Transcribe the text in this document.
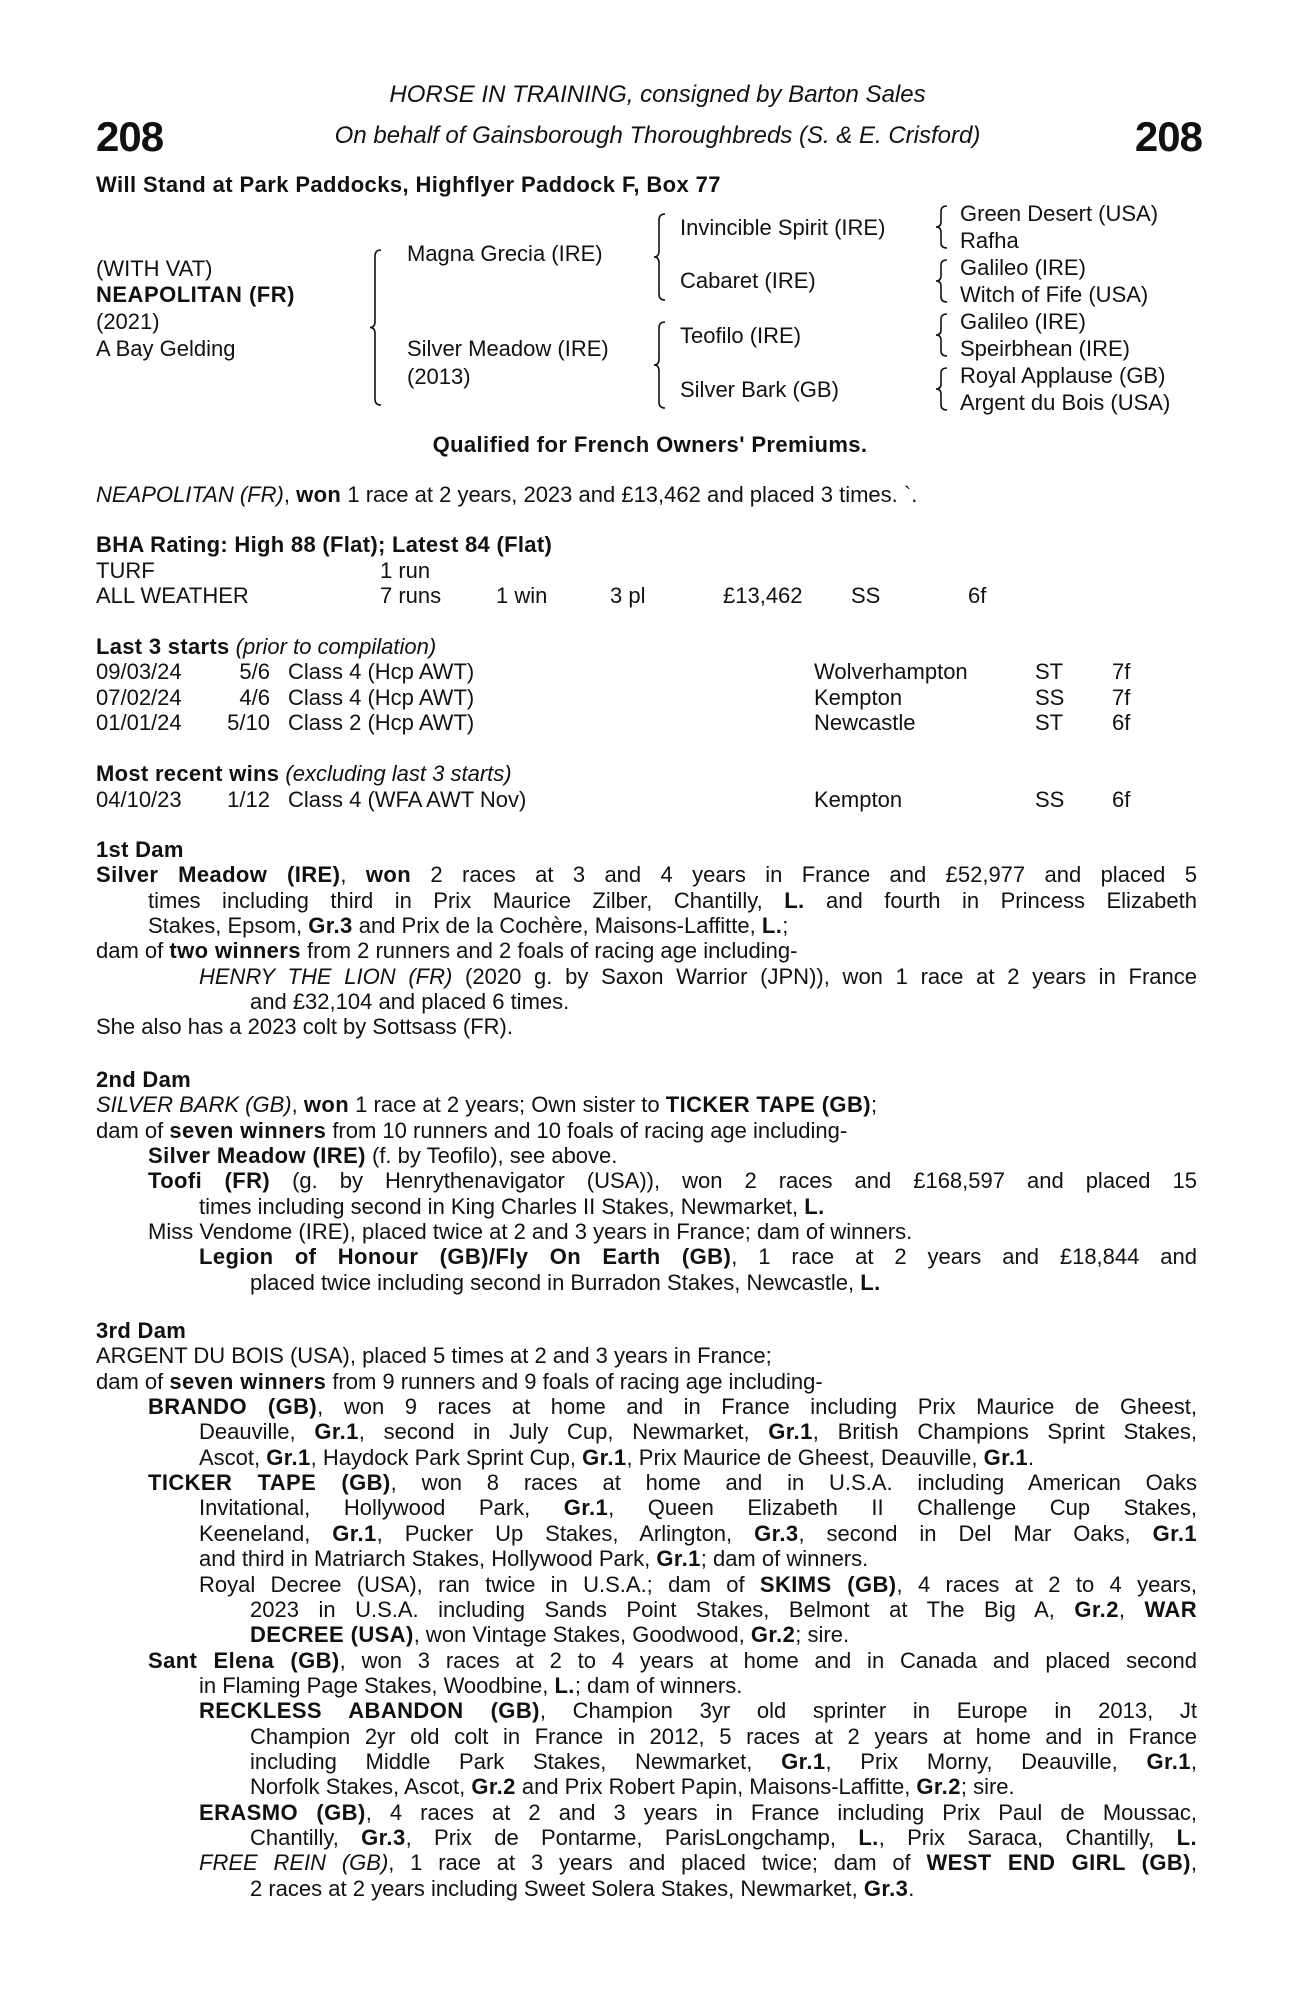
HORSE IN TRAINING, consigned by Barton Sales
208	On behalf of Gainsborough Thoroughbreds (S. & E. Crisford)	208
Will Stand at Park Paddocks, Highflyer Paddock F, Box 77
(WITH VAT)
NEAPOLITAN (FR)
(2021)
A Bay Gelding
Magna Grecia (IRE)
Silver Meadow (IRE)
(2013)
Invincible Spirit (IRE)
Cabaret (IRE)
Teofilo (IRE)
Silver Bark (GB)
Green Desert (USA)
Rafha
Galileo (IRE)
Witch of Fife (USA)
Galileo (IRE)
Speirbhean (IRE)
Royal Applause (GB)
Argent du Bois (USA)
Qualified for French Owners' Premiums.
NEAPOLITAN (FR), won 1 race at 2 years, 2023 and £13,462 and placed 3 times. `.
BHA Rating: High 88 (Flat); Latest 84 (Flat)
TURF	1 run
ALL WEATHER	7 runs 1 win	3 pl	£13,462 SS	6f
Last 3 starts (prior to compilation)
09/03/24	5/6 Class 4 (Hcp AWT)	Wolverhampton	ST 7f
07/02/24	4/6 Class 4 (Hcp AWT)	Kempton	SS 7f
01/01/24 5/10 Class 2 (Hcp AWT)	Newcastle	ST 6f
Most recent wins (excluding last 3 starts)
04/10/23 1/12 Class 4 (WFA AWT Nov)	Kempton	SS 6f
1st Dam
Silver Meadow (IRE), won 2 races at 3 and 4 years in France and £52,977 and placed 5
times including third in Prix Maurice Zilber, Chantilly, L. and fourth in Princess Elizabeth
Stakes, Epsom, Gr.3 and Prix de la Cochère, Maisons-Laffitte, L.;
dam of two winners from 2 runners and 2 foals of racing age including-
HENRY THE LION (FR) (2020 g. by Saxon Warrior (JPN)), won 1 race at 2 years in France
and £32,104 and placed 6 times.
She also has a 2023 colt by Sottsass (FR).
2nd Dam
SILVER BARK (GB), won 1 race at 2 years; Own sister to TICKER TAPE (GB);
dam of seven winners from 10 runners and 10 foals of racing age including-
Silver Meadow (IRE) (f. by Teofilo), see above.
Toofi (FR) (g. by Henrythenavigator (USA)), won 2 races and £168,597 and placed 15
times including second in King Charles II Stakes, Newmarket, L.
Miss Vendome (IRE), placed twice at 2 and 3 years in France; dam of winners.
Legion of Honour (GB)/Fly On Earth (GB), 1 race at 2 years and £18,844 and
placed twice including second in Burradon Stakes, Newcastle, L.
3rd Dam
ARGENT DU BOIS (USA), placed 5 times at 2 and 3 years in France;
dam of seven winners from 9 runners and 9 foals of racing age including-
BRANDO (GB), won 9 races at home and in France including Prix Maurice de Gheest,
Deauville, Gr.1, second in July Cup, Newmarket, Gr.1, British Champions Sprint Stakes,
Ascot, Gr.1, Haydock Park Sprint Cup, Gr.1, Prix Maurice de Gheest, Deauville, Gr.1.
TICKER TAPE (GB), won 8 races at home and in U.S.A. including American Oaks
Invitational, Hollywood Park, Gr.1, Queen Elizabeth II Challenge Cup Stakes,
Keeneland, Gr.1, Pucker Up Stakes, Arlington, Gr.3, second in Del Mar Oaks, Gr.1
and third in Matriarch Stakes, Hollywood Park, Gr.1; dam of winners.
Royal Decree (USA), ran twice in U.S.A.; dam of SKIMS (GB), 4 races at 2 to 4 years,
2023 in U.S.A. including Sands Point Stakes, Belmont at The Big A, Gr.2, WAR
DECREE (USA), won Vintage Stakes, Goodwood, Gr.2; sire.
Sant Elena (GB), won 3 races at 2 to 4 years at home and in Canada and placed second
in Flaming Page Stakes, Woodbine, L.; dam of winners.
RECKLESS ABANDON (GB), Champion 3yr old sprinter in Europe in 2013, Jt
Champion 2yr old colt in France in 2012, 5 races at 2 years at home and in France
including Middle Park Stakes, Newmarket, Gr.1, Prix Morny, Deauville, Gr.1,
Norfolk Stakes, Ascot, Gr.2 and Prix Robert Papin, Maisons-Laffitte, Gr.2; sire.
ERASMO (GB), 4 races at 2 and 3 years in France including Prix Paul de Moussac,
Chantilly, Gr.3, Prix de Pontarme, ParisLongchamp, L., Prix Saraca, Chantilly, L.
FREE REIN (GB), 1 race at 3 years and placed twice; dam of WEST END GIRL (GB),
2 races at 2 years including Sweet Solera Stakes, Newmarket, Gr.3.
